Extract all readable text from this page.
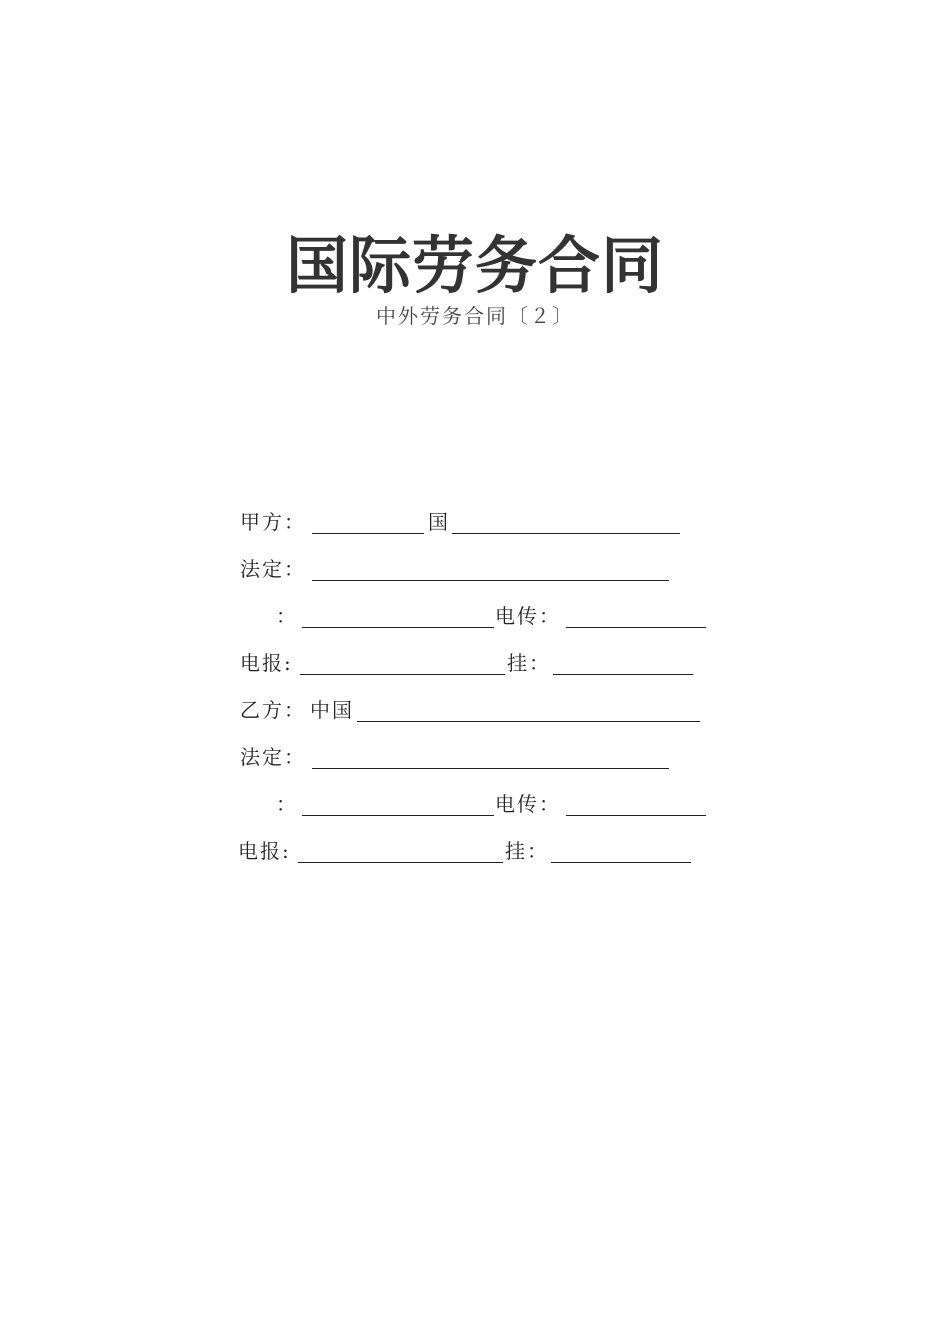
国际劳务合同
中外劳务合同〔２〕
甲方：	国
法定：
：	电传：
电报:	挂：
乙方： 中国
法定：
：	电传：
电报:	挂：
